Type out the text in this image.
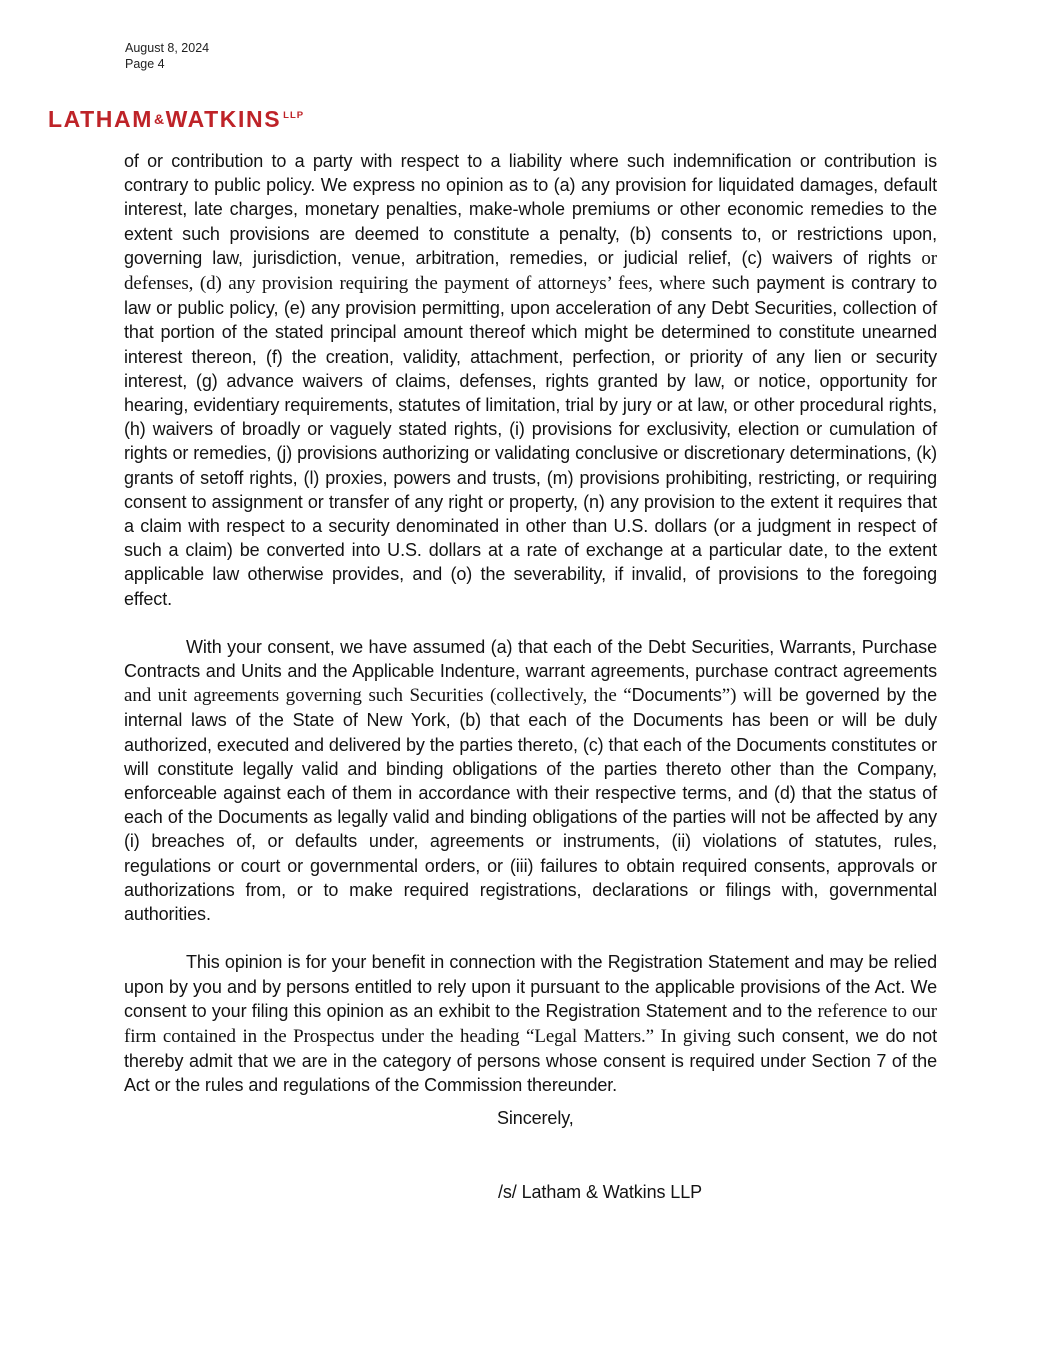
August 8, 2024
Page 4
LATHAM&WATKINS $^{LLP}$

of or contribution to a party with respect to a liability where such indemnification or contribution is contrary to public policy. We express no opinion as to (a) any provision for liquidated damages, default interest, late charges, monetary penalties, make-whole premiums or other economic remedies to the extent such provisions are deemed to constitute a penalty, (b) consents to, or restrictions upon, governing law, jurisdiction, venue, arbitration, remedies, or judicial relief, (c) waivers of rights or defenses, (d) any provision requiring the payment of attorneys’ fees, where such payment is contrary to law or public policy, (e) any provision permitting, upon acceleration of any Debt Securities, collection of that portion of the stated principal amount thereof which might be determined to constitute unearned interest thereon, (f) the creation, validity, attachment, perfection, or priority of any lien or security interest, (g) advance waivers of claims, defenses, rights granted by law, or notice, opportunity for hearing, evidentiary requirements, statutes of limitation, trial by jury or at law, or other procedural rights, (h) waivers of broadly or vaguely stated rights, (i) provisions for exclusivity, election or cumulation of rights or remedies, (j) provisions authorizing or validating conclusive or discretionary determinations, (k) grants of setoff rights, (l) proxies, powers and trusts, (m) provisions prohibiting, restricting, or requiring consent to assignment or transfer of any right or property, (n) any provision to the extent it requires that a claim with respect to a security denominated in other than U.S. dollars (or a judgment in respect of such a claim) be converted into U.S. dollars at a rate of exchange at a particular date, to the extent applicable law otherwise provides, and (o) the severability, if invalid, of provisions to the foregoing effect.

With your consent, we have assumed (a) that each of the Debt Securities, Warrants, Purchase Contracts and Units and the Applicable Indenture, warrant agreements, purchase contract agreements and unit agreements governing such Securities (collectively, the “Documents”) will be governed by the internal laws of the State of New York, (b) that each of the Documents has been or will be duly authorized, executed and delivered by the parties thereto, (c) that each of the Documents constitutes or will constitute legally valid and binding obligations of the parties thereto other than the Company, enforceable against each of them in accordance with their respective terms, and (d) that the status of each of the Documents as legally valid and binding obligations of the parties will not be affected by any (i) breaches of, or defaults under, agreements or instruments, (ii) violations of statutes, rules, regulations or court or governmental orders, or (iii) failures to obtain required consents, approvals or authorizations from, or to make required registrations, declarations or filings with, governmental authorities.

This opinion is for your benefit in connection with the Registration Statement and may be relied upon by you and by persons entitled to rely upon it pursuant to the applicable provisions of the Act. We consent to your filing this opinion as an exhibit to the Registration Statement and to the reference to our firm contained in the Prospectus under the heading “Legal Matters.” In giving such consent, we do not thereby admit that we are in the category of persons whose consent is required under Section 7 of the Act or the rules and regulations of the Commission thereunder.

Sincerely,

/s/ Latham & Watkins LLP
